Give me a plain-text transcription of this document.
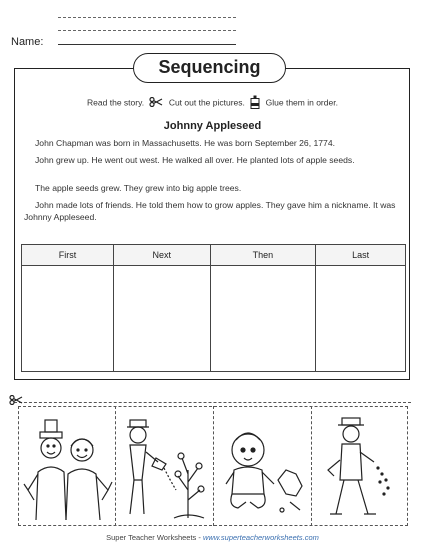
Name:
Sequencing
Read the story.	Cut out the pictures. Glue them in order.
Johnny Appleseed
John Chapman was born in Massachusetts. He was born September 26, 1774.
John grew up. He went out west. He walked all over. He planted lots of apple seeds.
The apple seeds grew. They grew into big apple trees.
John made lots of friends. He told them how to grow apples. They gave him a nickname. It was Johnny Appleseed.
First	Next	Then	Last

Super Teacher Worksheets - www.superteacherworksheets.com
